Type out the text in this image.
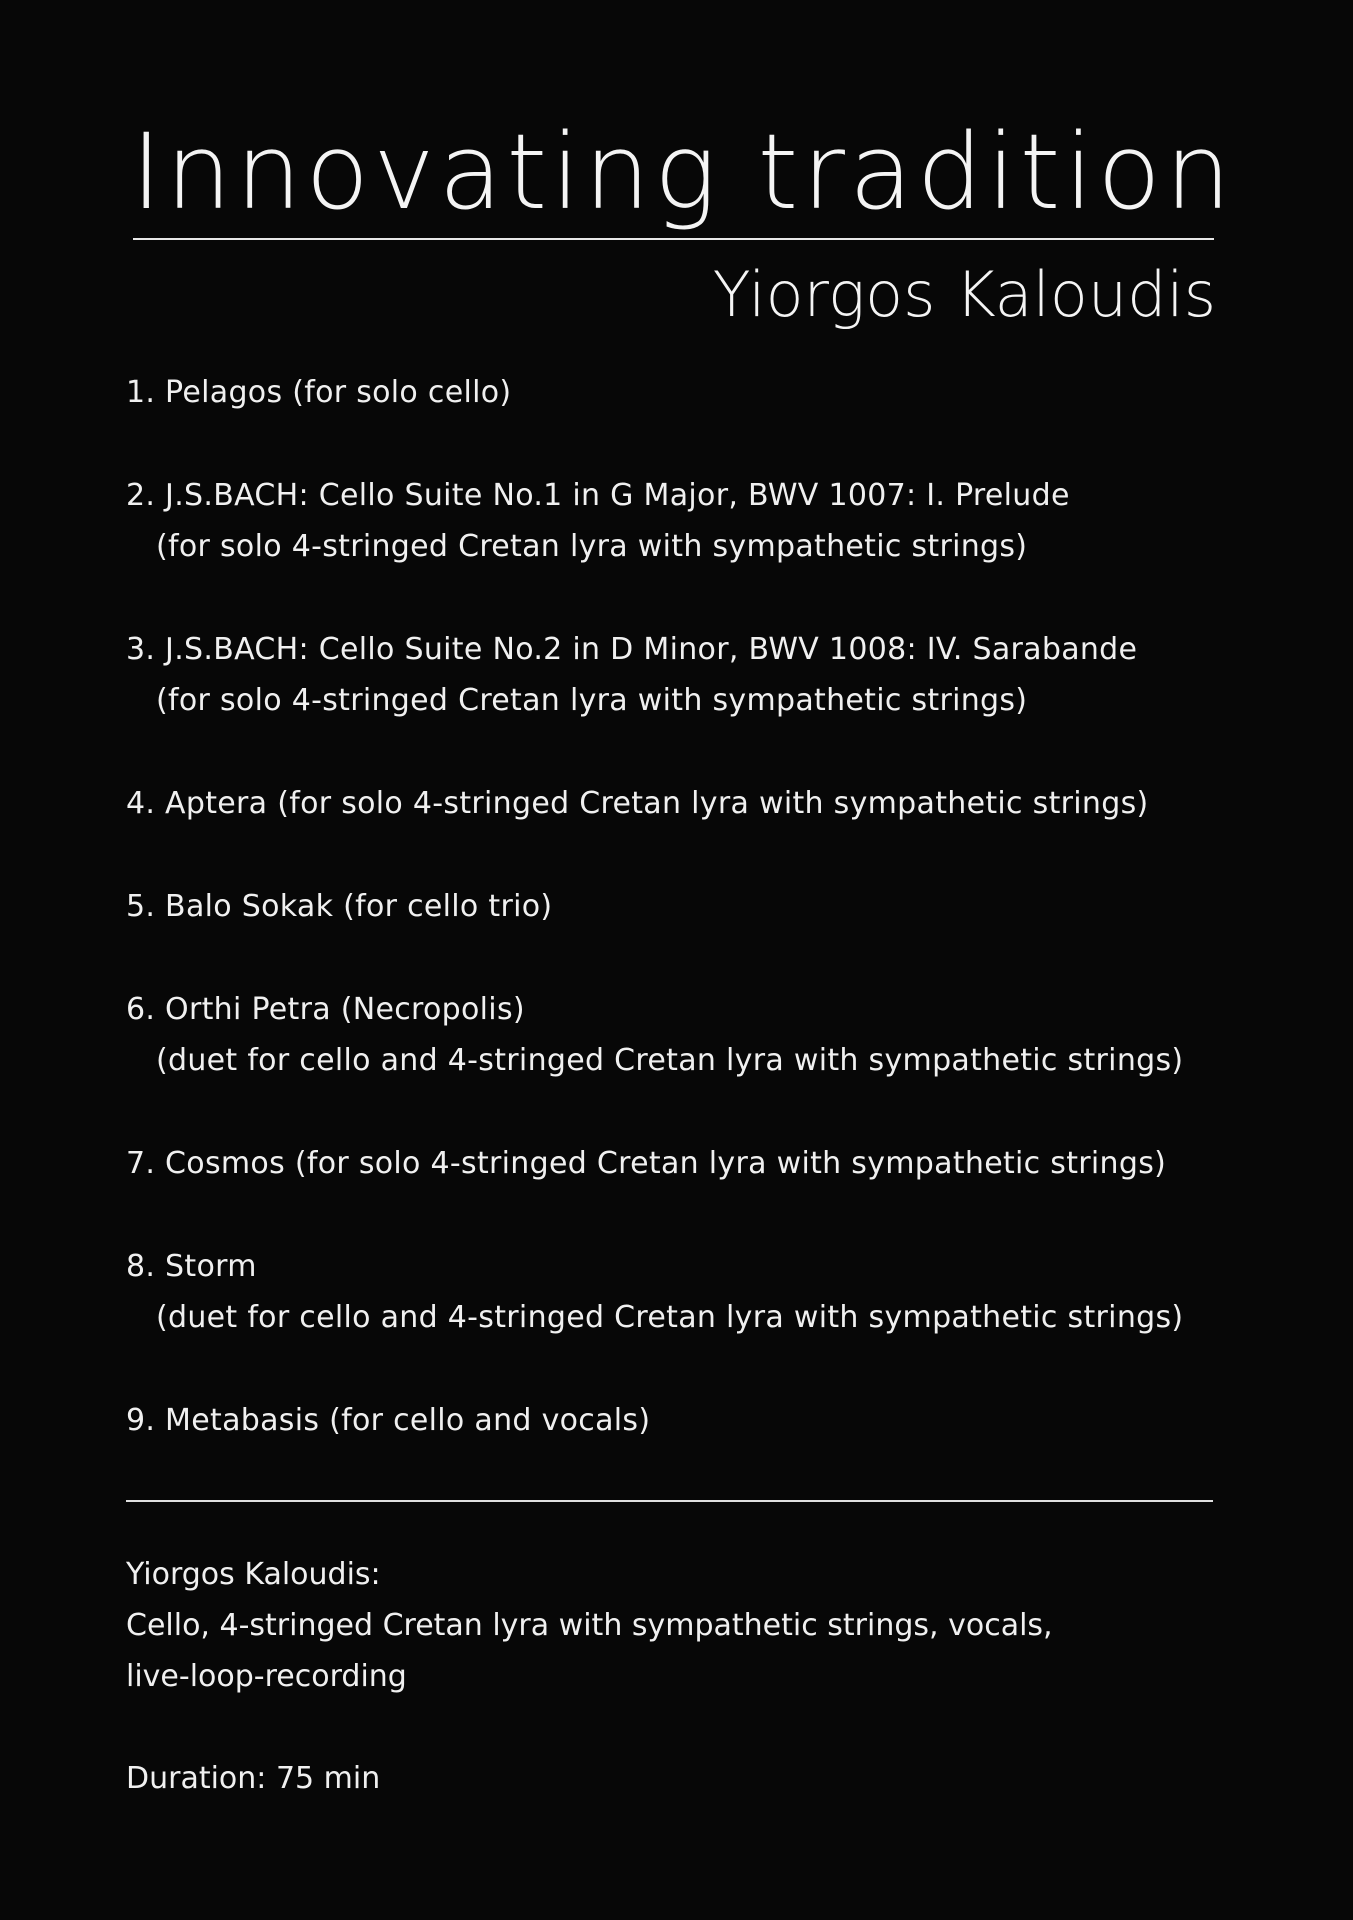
Innovating tradition
Yiorgos Kaloudis
1. Pelagos (for solo cello)
2. J.S.BACH: Cello Suite No.1 in G Major, BWV 1007: I. Prelude
(for solo 4-stringed Cretan lyra with sympathetic strings)
3. J.S.BACH: Cello Suite No.2 in D Minor, BWV 1008: IV. Sarabande
(for solo 4-stringed Cretan lyra with sympathetic strings)
4. Aptera (for solo 4-stringed Cretan lyra with sympathetic strings)
5. Balo Sokak (for cello trio)
6. Orthi Petra (Necropolis)
(duet for cello and 4-stringed Cretan lyra with sympathetic strings)
7. Cosmos (for solo 4-stringed Cretan lyra with sympathetic strings)
8. Storm
(duet for cello and 4-stringed Cretan lyra with sympathetic strings)
9. Metabasis (for cello and vocals)
Yiorgos Kaloudis:
Cello, 4-stringed Cretan lyra with sympathetic strings, vocals,
live-loop-recording
Duration: 75 min
